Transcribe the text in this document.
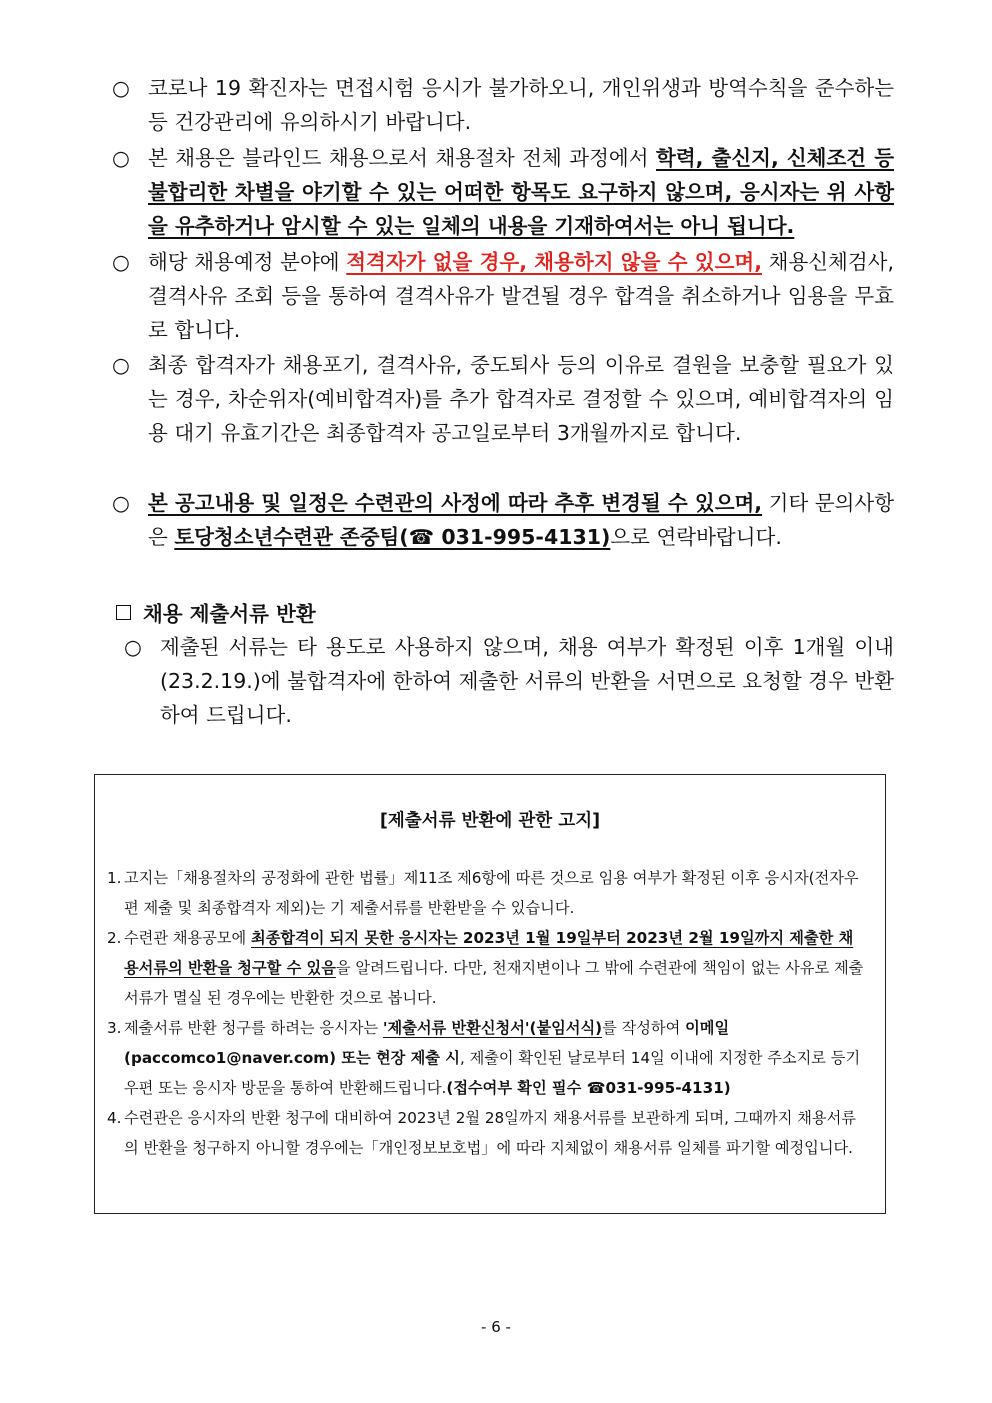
○ 코로나 19 확진자는 면접시험 응시가 불가하오니, 개인위생과 방역수칙을 준수하는 등 건강관리에 유의하시기 바랍니다.
○ 본 채용은 블라인드 채용으로서 채용절차 전체 과정에서 학력, 출신지, 신체조건 등 불합리한 차별을 야기할 수 있는 어떠한 항목도 요구하지 않으며, 응시자는 위 사항을 유추하거나 암시할 수 있는 일체의 내용을 기재하여서는 아니 됩니다.
○ 해당 채용예정 분야에 적격자가 없을 경우, 채용하지 않을 수 있으며, 채용신체검사, 결격사유 조회 등을 통하여 결격사유가 발견될 경우 합격을 취소하거나 임용을 무효로 합니다.
○ 최종 합격자가 채용포기, 결격사유, 중도퇴사 등의 이유로 결원을 보충할 필요가 있는 경우, 차순위자(예비합격자)를 추가 합격자로 결정할 수 있으며, 예비합격자의 임용 대기 유효기간은 최종합격자 공고일로부터 3개월까지로 합니다.
○ 본 공고내용 및 일정은 수련관의 사정에 따라 추후 변경될 수 있으며, 기타 문의사항은 토당청소년수련관 존중팀(☎ 031-995-4131)으로 연락바랍니다.
채용 제출서류 반환
○ 제출된 서류는 타 용도로 사용하지 않으며, 채용 여부가 확정된 이후 1개월 이내(23.2.19.)에 불합격자에 한하여 제출한 서류의 반환을 서면으로 요청할 경우 반환하여 드립니다.
[제출서류 반환에 관한 고지]
1. 고지는「채용절차의 공정화에 관한 법률」제11조 제6항에 따른 것으로 임용 여부가 확정된 이후 응시자(전자우편 제출 및 최종합격자 제외)는 기 제출서류를 반환받을 수 있습니다.
2. 수련관 채용공모에 최종합격이 되지 못한 응시자는 2023년 1월 19일부터 2023년 2월 19일까지 제출한 채용서류의 반환을 청구할 수 있음을 알려드립니다. 다만, 천재지변이나 그 밖에 수련관에 책임이 없는 사유로 제출서류가 멸실 된 경우에는 반환한 것으로 봅니다.
3. 제출서류 반환 청구를 하려는 응시자는 '제출서류 반환신청서'(붙임서식)를 작성하여 이메일(paccomco1@naver.com) 또는 현장 제출 시, 제출이 확인된 날로부터 14일 이내에 지정한 주소지로 등기우편 또는 응시자 방문을 통하여 반환해드립니다.(접수여부 확인 필수 ☎031-995-4131)
4. 수련관은 응시자의 반환 청구에 대비하여 2023년 2월 28일까지 채용서류를 보관하게 되며, 그때까지 채용서류의 반환을 청구하지 아니할 경우에는「개인정보보호법」에 따라 지체없이 채용서류 일체를 파기할 예정입니다.
- 6 -
